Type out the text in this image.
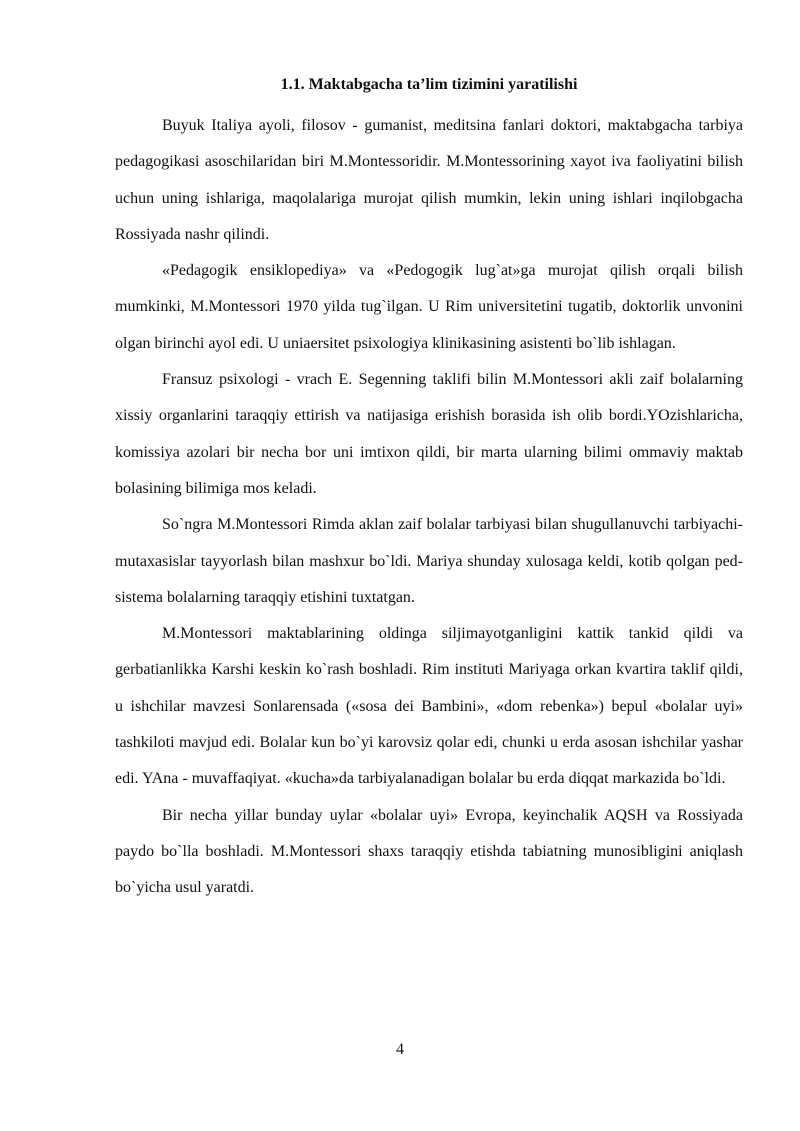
1.1. Maktabgacha ta’lim tizimini yaratilishi

Buyuk Italiya ayoli, filosov - gumanist, meditsina fanlari doktori, maktabgacha tarbiya pedagogikasi asoschilaridan biri M.Montessoridir. M.Montessorining xayot iva faoliyatini bilish uchun uning ishlariga, maqolalariga murojat qilish mumkin, lekin uning ishlari inqilobgacha Rossiyada nashr qilindi.

«Pedagogik ensiklopediya» va «Pedogogik lug`at»ga murojat qilish orqali bilish mumkinki, M.Montessori 1970 yilda tug`ilgan. U Rim universitetini tugatib, doktorlik unvonini olgan birinchi ayol edi. U uniaersitet psixologiya klinikasining asistenti bo`lib ishlagan.

Fransuz psixologi - vrach E. Segenning taklifi bilin M.Montessori akli zaif bolalarning xissiy organlarini taraqqiy ettirish va natijasiga erishish borasida ish olib bordi.YOzishlaricha, komissiya azolari bir necha bor uni imtixon qildi, bir marta ularning bilimi ommaviy maktab bolasining bilimiga mos keladi.

So`ngra M.Montessori Rimda aklan zaif bolalar tarbiyasi bilan shugullanuvchi tarbiyachi-mutaxasislar tayyorlash bilan mashxur bo`ldi. Mariya shunday xulosaga keldi, kotib qolgan ped-sistema bolalarning taraqqiy etishini tuxtatgan.

M.Montessori maktablarining oldinga siljimayotganligini kattik tankid qildi va gerbatianlikka Karshi keskin ko`rash boshladi. Rim instituti Mariyaga orkan kvartira taklif qildi, u ishchilar mavzesi Sonlarensada («sosa dei Bambini», «dom rebenka») bepul «bolalar uyi» tashkiloti mavjud edi. Bolalar kun bo`yi karovsiz qolar edi, chunki u erda asosan ishchilar yashar edi. YAna - muvaffaqiyat. «kucha»da tarbiyalanadigan bolalar bu erda diqqat markazida bo`ldi.

Bir necha yillar bunday uylar «bolalar uyi» Evropa, keyinchalik AQSH va Rossiyada paydo bo`lla boshladi. M.Montessori shaxs taraqqiy etishda tabiatning munosibligini aniqlash bo`yicha usul yaratdi.

4
